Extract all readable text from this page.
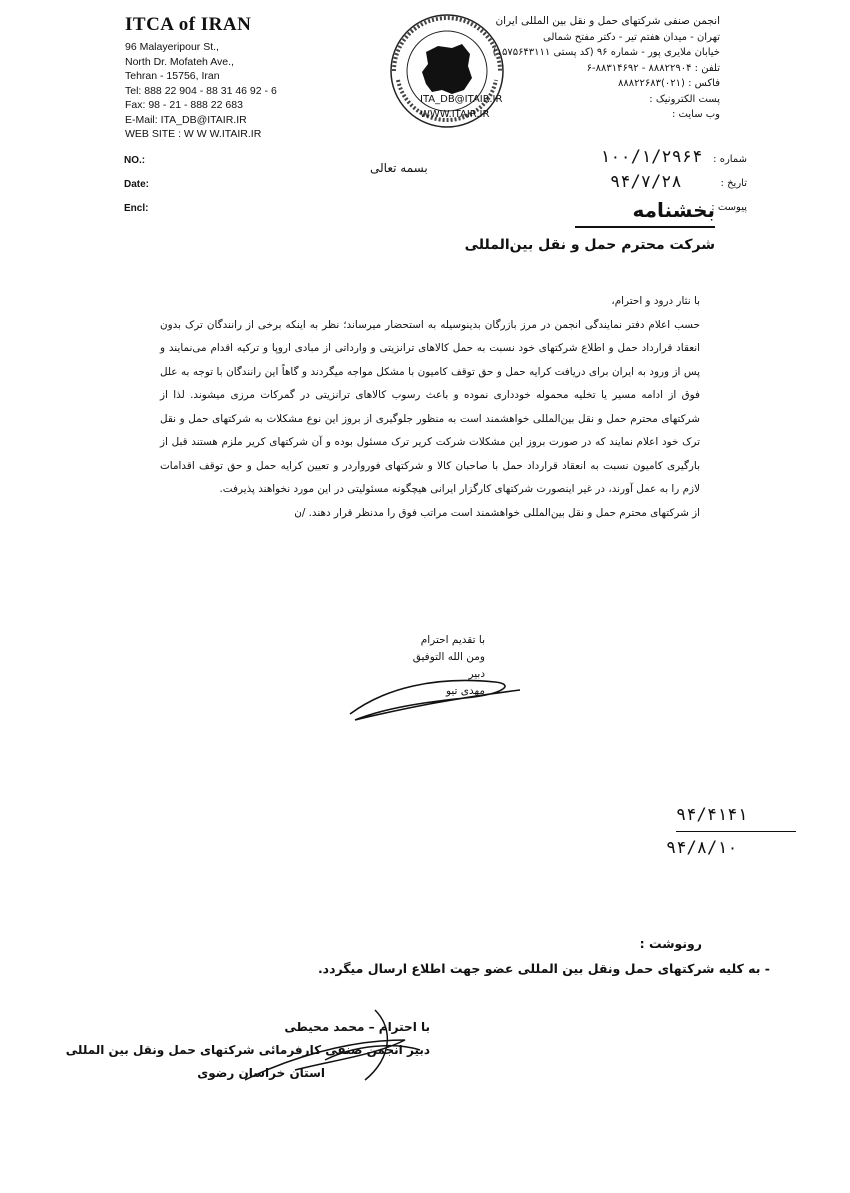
ITCA of IRAN
96 Malayeripour St.,
North Dr. Mofateh Ave.,
Tehran - 15756, Iran
Tel: 888 22 904 - 88 31 46 92 - 6
Fax: 98 - 21 - 888 22 683
E-Mail: ITA_DB@ITAIR.IR
WEB SITE : W W W.ITAIR.IR
انجمن صنفی شرکتهای حمل و نقل بین المللی ایران
تهران - میدان هفتم تیر - دکتر مفتح شمالی
خیابان ملایری پور - شماره ۹۶ (کد پستی ۱۵۷۵۶۴۳۱۱۱)
تلفن : ۸۸۸۲۲۹۰۴ - ۸۸۳۱۴۶۹۲-۶
فاکس : (۰۲۱)۸۸۸۲۲۶۸۳
پست الکترونیک :
ITA_DB@ITAIR.IR
وب سایت :
WWW.ITAIR.IR
NO.:
Date:
Encl:
شماره :
تاریخ :
پیوست :
۱۰۰/۱/۲۹۶۴
۹۴/۷/۲۸
بسمه تعالی
بخشنامه
شرکت محترم حمل و نقل بین‌المللی

با نثار درود و احترام،

حسب اعلام دفتر نمایندگی انجمن در مرز بازرگان بدینوسیله به استحضار میرساند؛ نظر به اینکه برخی از رانندگان ترک بدون انعقاد قرارداد حمل و اطلاع شرکتهای خود نسبت به حمل کالاهای ترانزیتی و وارداتی از مبادی اروپا و ترکیه اقدام می‌نمایند و پس از ورود به ایران برای دریافت کرایه حمل و حق توقف کامیون با مشکل مواجه میگردند و گاهاً این رانندگان با توجه به علل فوق از ادامه مسیر یا تخلیه محموله خودداری نموده و باعث رسوب کالاهای ترانزیتی در گمرکات مرزی میشوند. لذا از شرکتهای محترم حمل و نقل بین‌المللی خواهشمند است به منظور جلوگیری از بروز این نوع مشکلات به شرکتهای حمل و نقل ترک خود اعلام نمایند که در صورت بروز این مشکلات شرکت کریر ترک مسئول بوده و آن شرکتهای کریر ملزم هستند قبل از بارگیری کامیون نسبت به انعقاد قرارداد حمل با صاحبان کالا و شرکتهای فورواردر و تعیین کرایه حمل و حق توقف اقدامات لازم را به عمل آورند، در غیر اینصورت شرکتهای کارگزار ایرانی هیچگونه مسئولیتی در این مورد نخواهند پذیرفت.

از شرکتهای محترم حمل و نقل بین‌المللی خواهشمند است مراتب فوق را مدنظر قرار دهند. /ن

با تقدیم احترام
ومن الله التوفیق
دبیر
مهدی تیو
۹۴/۴۱۴۱
۹۴/۸/۱۰
رونوشت :
- به کلیه شرکتهای حمل ونقل بین المللی عضو جهت اطلاع ارسال میگردد.
با احترام – محمد محیطی
دبیر انجمن صنفی کارفرمائی شرکتهای حمل ونقل بین المللی
استان خراسان رضوی
